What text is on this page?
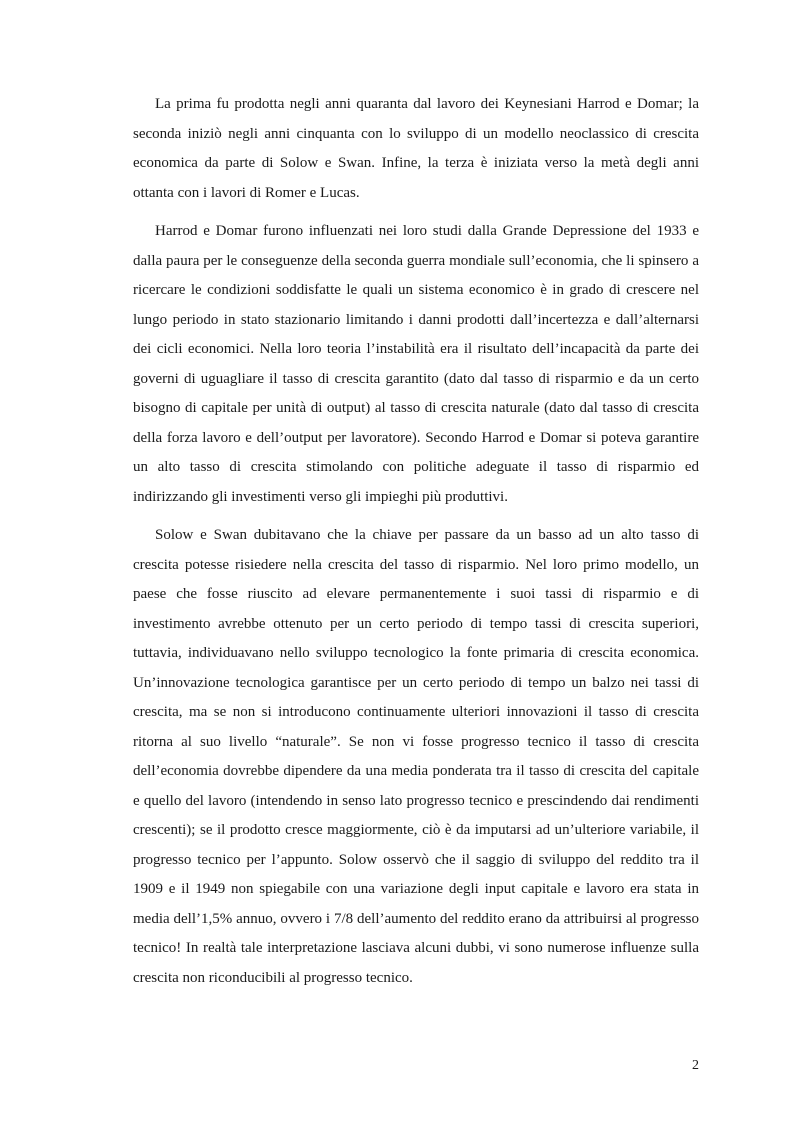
La prima fu prodotta negli anni quaranta dal lavoro dei Keynesiani Harrod e Domar; la seconda iniziò negli anni cinquanta con lo sviluppo di un modello neoclassico di crescita economica da parte di Solow e Swan. Infine, la terza è iniziata verso la metà degli anni ottanta con i lavori di Romer e Lucas.

Harrod e Domar furono influenzati nei loro studi dalla Grande Depressione del 1933 e dalla paura per le conseguenze della seconda guerra mondiale sull’economia, che li spinsero a ricercare le condizioni soddisfatte le quali un sistema economico è in grado di crescere nel lungo periodo in stato stazionario limitando i danni prodotti dall’incertezza e dall’alternarsi dei cicli economici. Nella loro teoria l’instabilità era il risultato dell’incapacità da parte dei governi di uguagliare il tasso di crescita garantito (dato dal tasso di risparmio e da un certo bisogno di capitale per unità di output) al tasso di crescita naturale (dato dal tasso di crescita della forza lavoro e dell’output per lavoratore). Secondo Harrod e Domar si poteva garantire un alto tasso di crescita stimolando con politiche adeguate il tasso di risparmio ed indirizzando gli investimenti verso gli impieghi più produttivi.

Solow e Swan dubitavano che la chiave per passare da un basso ad un alto tasso di crescita potesse risiedere nella crescita del tasso di risparmio. Nel loro primo modello, un paese che fosse riuscito ad elevare permanentemente i suoi tassi di risparmio e di investimento avrebbe ottenuto per un certo periodo di tempo tassi di crescita superiori, tuttavia, individuavano nello sviluppo tecnologico la fonte primaria di crescita economica. Un’innovazione tecnologica garantisce per un certo periodo di tempo un balzo nei tassi di crescita, ma se non si introducono continuamente ulteriori innovazioni il tasso di crescita ritorna al suo livello “naturale”. Se non vi fosse progresso tecnico il tasso di crescita dell’economia dovrebbe dipendere da una media ponderata tra il tasso di crescita del capitale e quello del lavoro (intendendo in senso lato progresso tecnico e prescindendo dai rendimenti crescenti); se il prodotto cresce maggiormente, ciò è da imputarsi ad un’ulteriore variabile, il progresso tecnico per l’appunto. Solow osservò che il saggio di sviluppo del reddito tra il 1909 e il 1949 non spiegabile con una variazione degli input capitale e lavoro era stata in media dell’1,5% annuo, ovvero i 7/8 dell’aumento del reddito erano da attribuirsi al progresso tecnico! In realtà tale interpretazione lasciava alcuni dubbi, vi sono numerose influenze sulla crescita non riconducibili al progresso tecnico.

2
